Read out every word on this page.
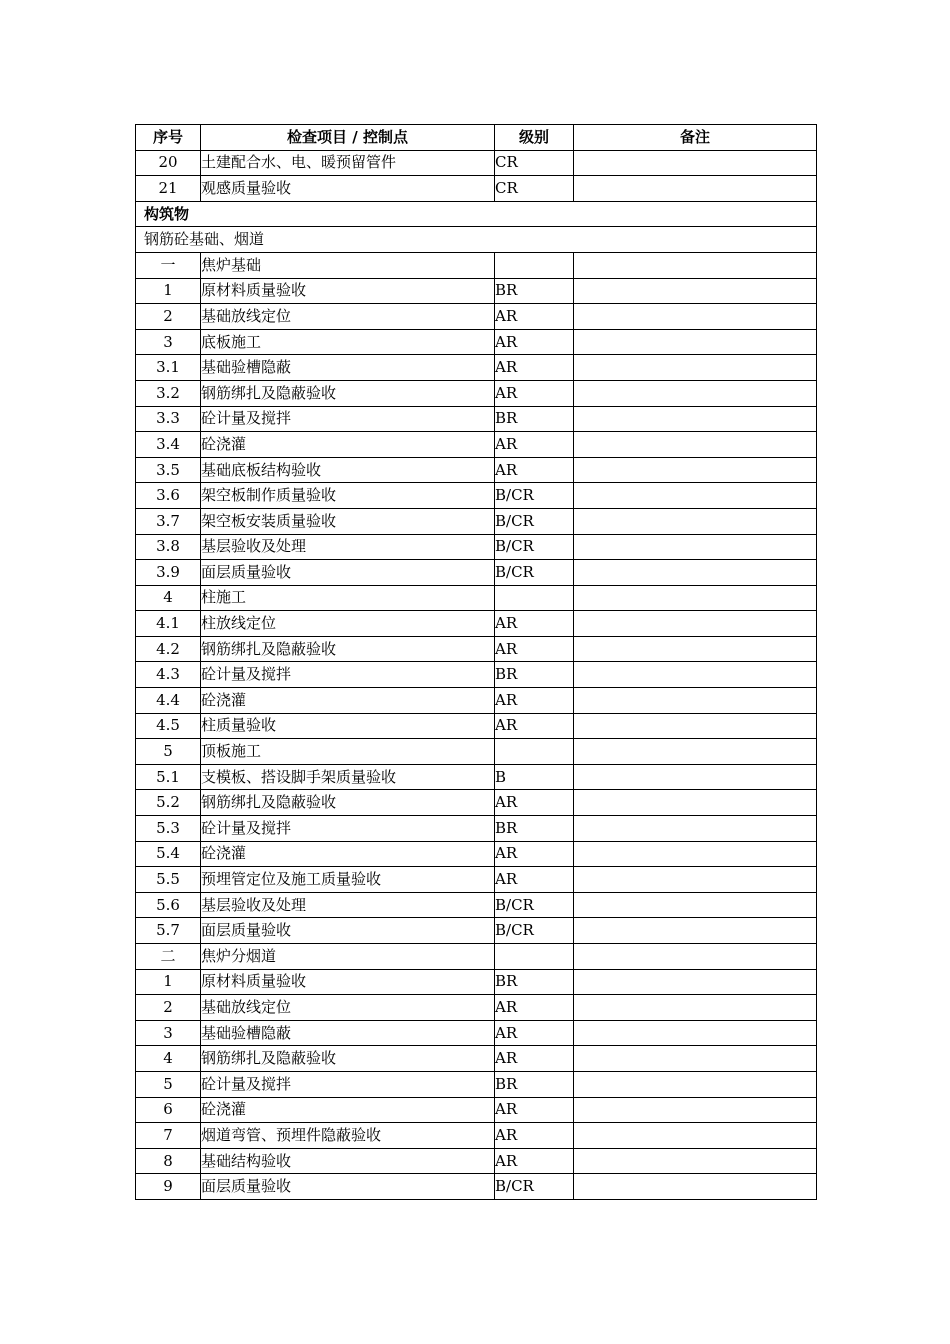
序号	检查项目 / 控制点	级别	备注
20	土建配合水、电、暖预留管件	CR	
21	观感质量验收	CR	
构筑物			
钢筋砼基础、烟道			
一	焦炉基础		
1	原材料质量验收	BR	
2	基础放线定位	AR	
3	底板施工	AR	
3.1	基础验槽隐蔽	AR	
3.2	钢筋绑扎及隐蔽验收	AR	
3.3	砼计量及搅拌	BR	
3.4	砼浇灌	AR	
3.5	基础底板结构验收	AR	
3.6	架空板制作质量验收	B/CR	
3.7	架空板安装质量验收	B/CR	
3.8	基层验收及处理	B/CR	
3.9	面层质量验收	B/CR	
4	柱施工		
4.1	柱放线定位	AR	
4.2	钢筋绑扎及隐蔽验收	AR	
4.3	砼计量及搅拌	BR	
4.4	砼浇灌	AR	
4.5	柱质量验收	AR	
5	顶板施工		
5.1	支模板、搭设脚手架质量验收	B	
5.2	钢筋绑扎及隐蔽验收	AR	
5.3	砼计量及搅拌	BR	
5.4	砼浇灌	AR	
5.5	预埋管定位及施工质量验收	AR	
5.6	基层验收及处理	B/CR	
5.7	面层质量验收	B/CR	
二	焦炉分烟道		
1	原材料质量验收	BR	
2	基础放线定位	AR	
3	基础验槽隐蔽	AR	
4	钢筋绑扎及隐蔽验收	AR	
5	砼计量及搅拌	BR	
6	砼浇灌	AR	
7	烟道弯管、预埋件隐蔽验收	AR	
8	基础结构验收	AR	
9	面层质量验收	B/CR	
